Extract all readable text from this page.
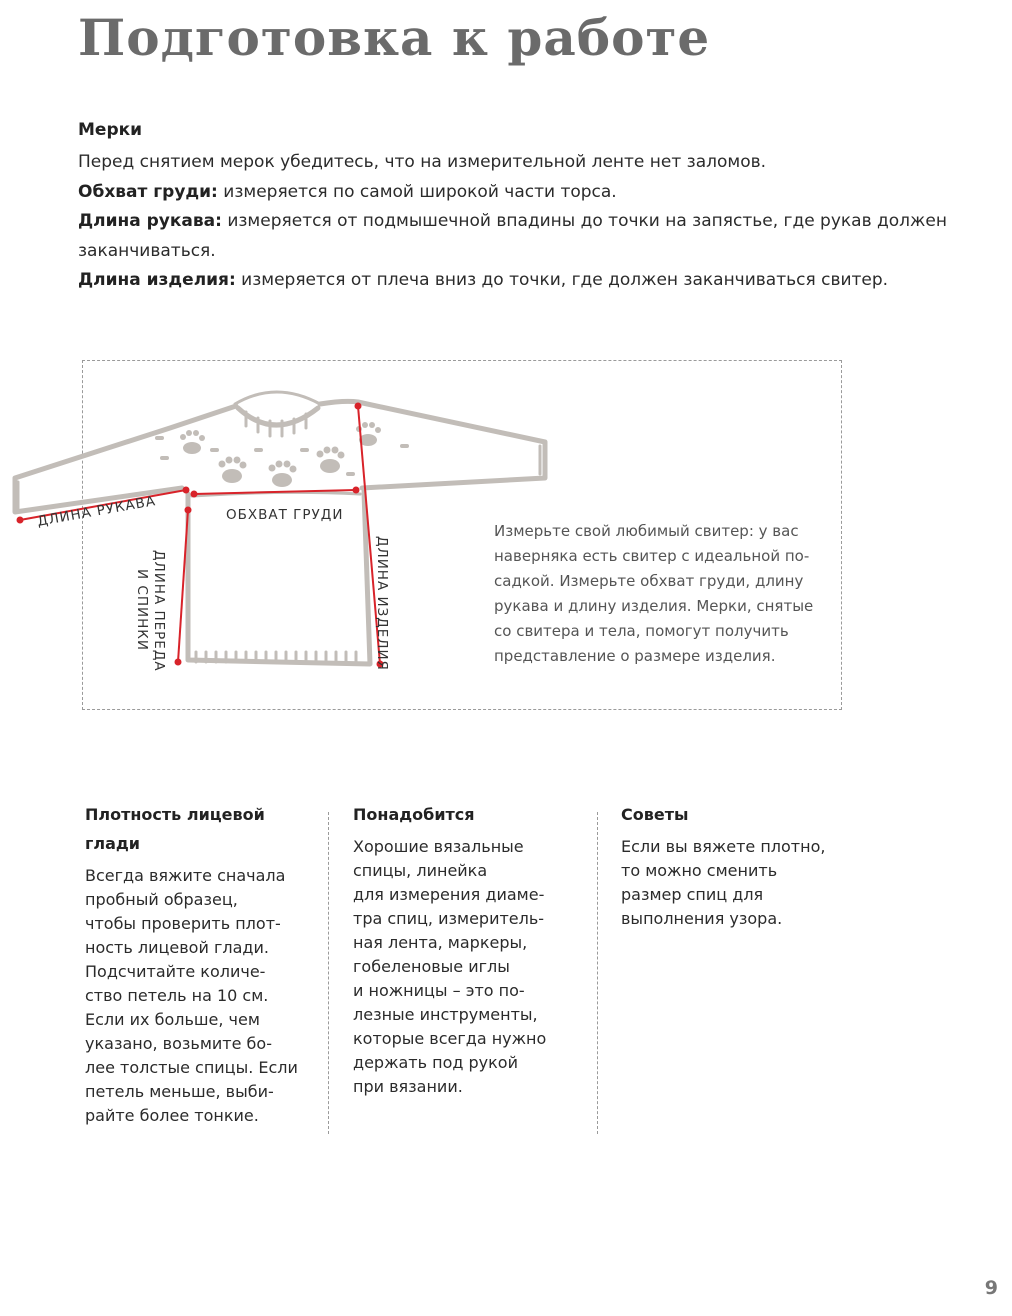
Подготовка к работе
Мерки

Перед снятием мерок убедитесь, что на измерительной ленте нет заломов.

Обхват груди: измеряется по самой широкой части торса.

Длина рукава: измеряется от подмышечной впадины до точки на запястье, где рукав должен заканчиваться.

Длина изделия: измеряется от плеча вниз до точки, где должен заканчиваться свитер.

ДЛИНА РУКАВА	ОБХВАТ ГРУДИ
ДЛИНА ПЕРЕДА
И СПИНКИ	ДЛИНА ИЗДЕЛИЯ

Измерьте свой любимый свитер: у вас наверняка есть свитер с идеальной по-садкой. Измерьте обхват груди, длину рукава и длину изделия. Мерки, снятые со свитера и тела, помогут получить представление о размере изделия.

Плотность лицевой глади

Всегда вяжите сначала
пробный образец,
чтобы проверить плот-
ность лицевой глади.
Подсчитайте количе-
ство петель на 10 см.
Если их больше, чем
указано, возьмите бо-
лее толстые спицы. Если
петель меньше, выби-
райте более тонкие.

Понадобится

Хорошие вязальные
спицы, линейка
для измерения диаме-
тра спиц, измеритель-
ная лента, маркеры,
гобеленовые иглы
и ножницы – это по-
лезные инструменты,
которые всегда нужно
держать под рукой
при вязании.

Советы

Если вы вяжете плотно,
то можно сменить
размер спиц для
выполнения узора.

9
